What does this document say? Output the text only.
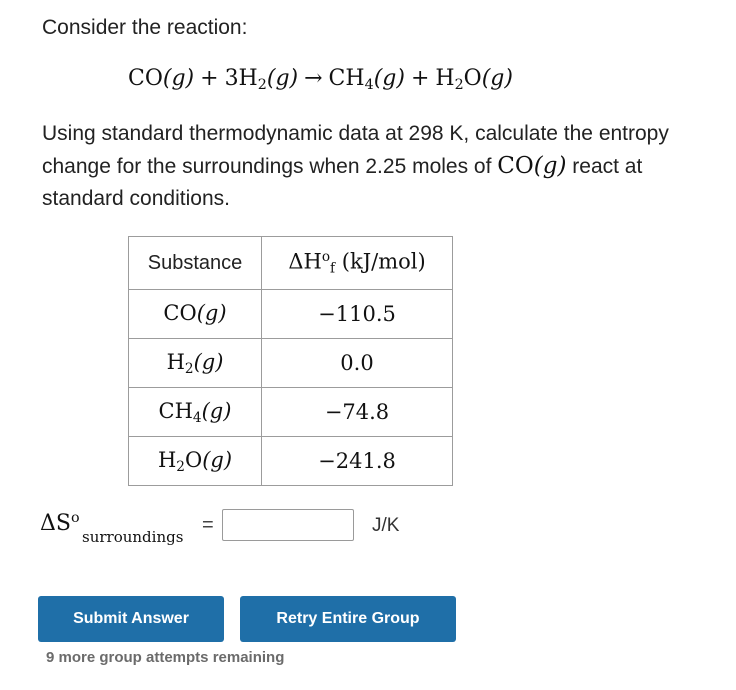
Consider the reaction:
$CO(g) + 3H_2(g) \to CH_4(g) + H_2O(g)$
Using standard thermodynamic data at 298 K, calculate the entropy change for the surroundings when 2.25 moles of CO(g) react at standard conditions.
Substance	$\Delta H^o_f$ (kJ/mol)
CO(g)	−110.5
$H_2(g)$	0.0
$CH_4(g)$	−74.8
$H_2O(g)$	−241.8
$\Delta S^o$
surroundings
=	J/K
Submit Answer	Retry Entire Group
9 more group attempts remaining
